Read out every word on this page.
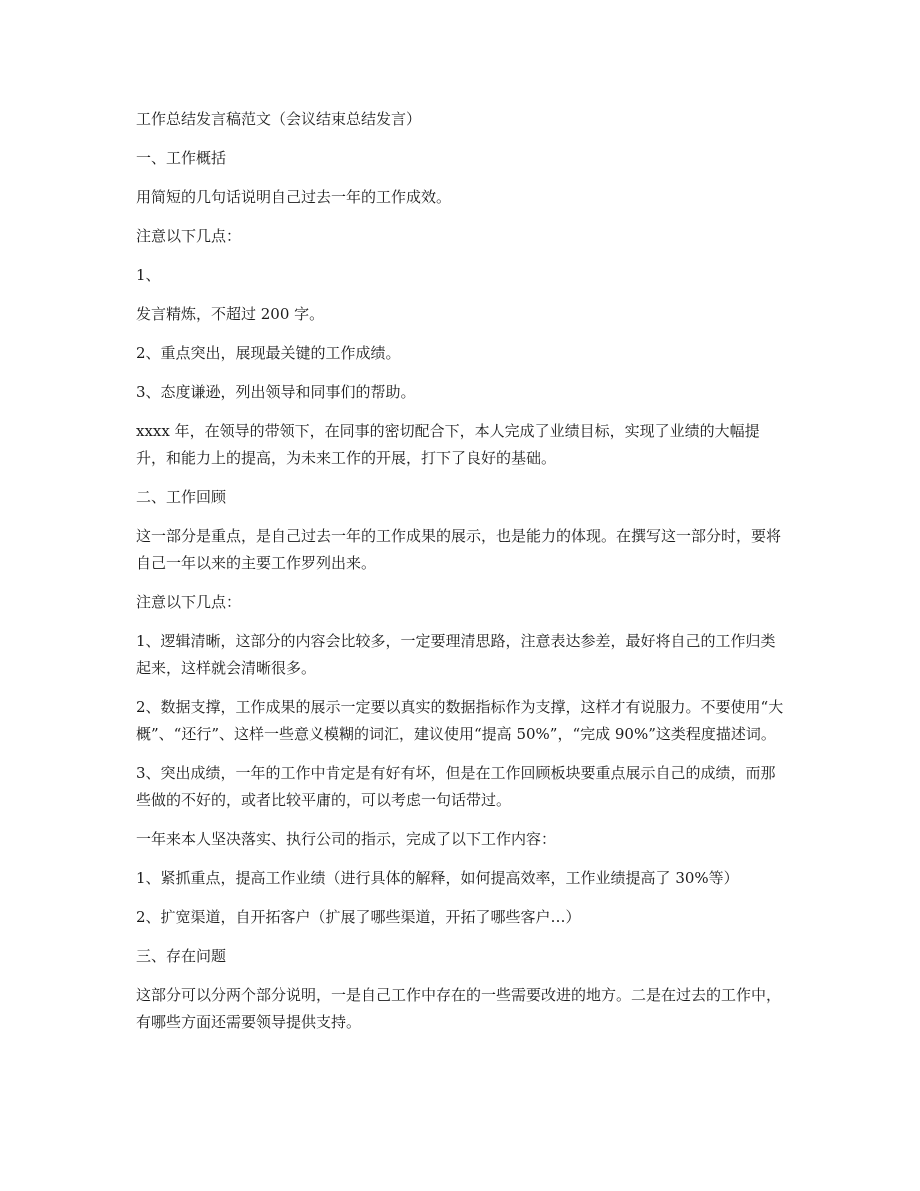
工作总结发言稿范文（会议结束总结发言）

一、工作概括

用简短的几句话说明自己过去一年的工作成效。

注意以下几点：

1、

发言精炼，不超过 200 字。

2、重点突出，展现最关键的工作成绩。

3、态度谦逊，列出领导和同事们的帮助。

xxxx 年，在领导的带领下，在同事的密切配合下，本人完成了业绩目标，实现了业绩的大幅提升，和能力上的提高，为未来工作的开展，打下了良好的基础。

二、工作回顾

这一部分是重点，是自己过去一年的工作成果的展示，也是能力的体现。在撰写这一部分时，要将自己一年以来的主要工作罗列出来。

注意以下几点：

1、逻辑清晰，这部分的内容会比较多，一定要理清思路，注意表达参差，最好将自己的工作归类起来，这样就会清晰很多。

2、数据支撑，工作成果的展示一定要以真实的数据指标作为支撑，这样才有说服力。不要使用“大概”、“还行”、这样一些意义模糊的词汇，建议使用“提高 50%”，“完成 90%”这类程度描述词。

3、突出成绩，一年的工作中肯定是有好有坏，但是在工作回顾板块要重点展示自己的成绩，而那些做的不好的，或者比较平庸的，可以考虑一句话带过。

一年来本人坚决落实、执行公司的指示，完成了以下工作内容：

1、紧抓重点，提高工作业绩（进行具体的解释，如何提高效率，工作业绩提高了 30%等）

2、扩宽渠道，自开拓客户（扩展了哪些渠道，开拓了哪些客户…）

三、存在问题

这部分可以分两个部分说明，一是自己工作中存在的一些需要改进的地方。二是在过去的工作中，有哪些方面还需要领导提供支持。
